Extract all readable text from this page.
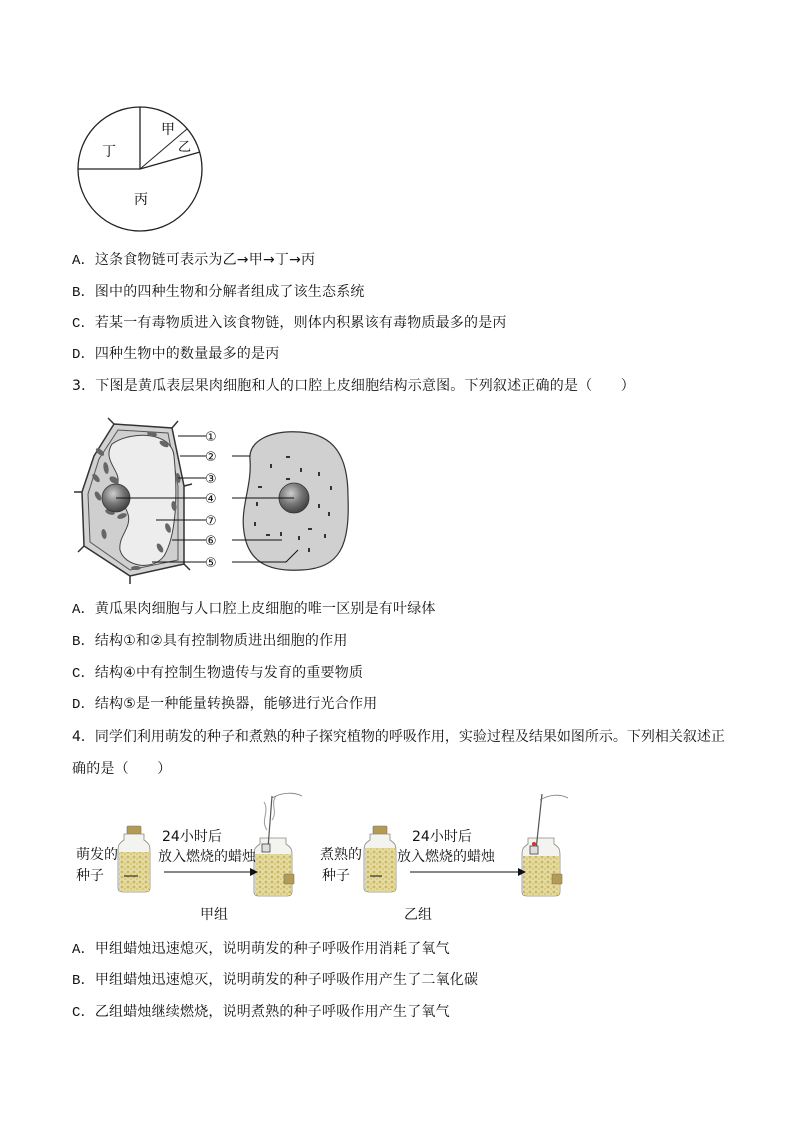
甲
乙
丁
丙
A．这条食物链可表示为乙→甲→丁→丙
B．图中的四种生物和分解者组成了该生态系统
C．若某一有毒物质进入该食物链，则体内积累该有毒物质最多的是丙
D．四种生物中的数量最多的是丙
3．下图是黄瓜表层果肉细胞和人的口腔上皮细胞结构示意图。下列叙述正确的是（　　）
①
②
③
④
⑦
⑥
⑤
A．黄瓜果肉细胞与人口腔上皮细胞的唯一区别是有叶绿体
B．结构①和②具有控制物质进出细胞的作用
C．结构④中有控制生物遗传与发育的重要物质
D．结构⑤是一种能量转换器，能够进行光合作用
4．同学们利用萌发的种子和煮熟的种子探究植物的呼吸作用，实验过程及结果如图所示。下列相关叙述正
确的是（　　）
萌发的
种子
24小时后
放入燃烧的蜡烛
甲组
煮熟的
种子
24小时后
放入燃烧的蜡烛
乙组
A．甲组蜡烛迅速熄灭，说明萌发的种子呼吸作用消耗了氧气
B．甲组蜡烛迅速熄灭，说明萌发的种子呼吸作用产生了二氧化碳
C．乙组蜡烛继续燃烧，说明煮熟的种子呼吸作用产生了氧气
